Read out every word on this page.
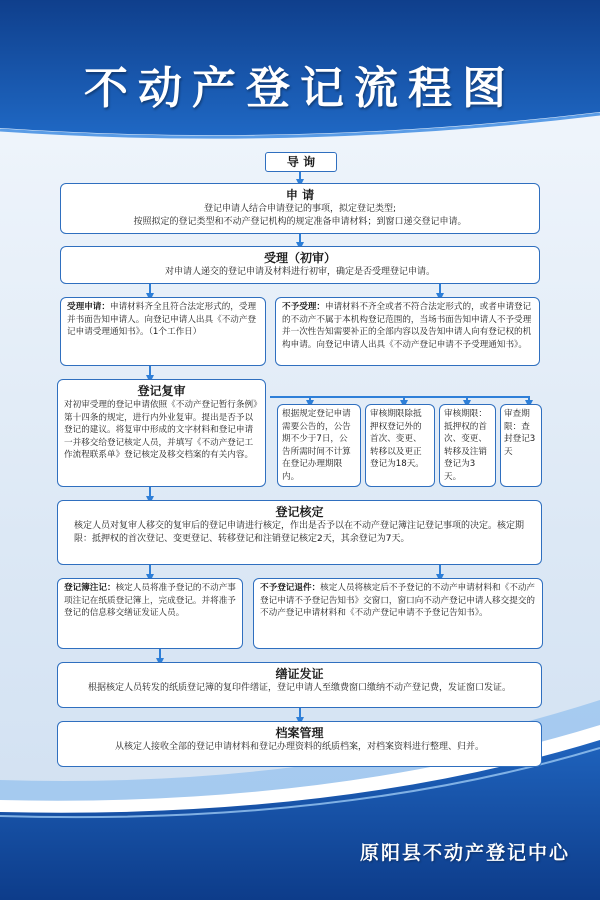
不动产登记流程图
导 询
申 请
登记申请人结合申请登记的事项，拟定登记类型;
按照拟定的登记类型和不动产登记机构的规定准备申请材料；到窗口递交登记申请。
受理（初审）
对申请人递交的登记申请及材料进行初审，确定是否受理登记申请。
受理申请：申请材料齐全且符合法定形式的，受理并书面告知申请人。向登记申请人出具《不动产登记申请受理通知书》。（1个工作日）
不予受理：申请材料不齐全或者不符合法定形式的，或者申请登记的不动产不属于本机构登记范围的，当场书面告知申请人不予受理并一次性告知需要补正的全部内容以及告知申请人向有登记权的机构申请。向登记申请人出具《不动产登记申请不予受理通知书》。
登记复审
对初审受理的登记申请依照《不动产登记暂行条例》第十四条的规定，进行内外业复审。提出是否予以登记的建议。将复审中形成的文字材料和登记申请一并移交给登记核定人员，并填写《不动产登记工作流程联系单》登记核定及移交档案的有关内容。
根据规定登记申请需要公告的，公告期不少于7日，公告所需时间不计算在登记办理期限内。
审核期限除抵押权登记外的首次、变更、转移以及更正登记为18天。
审核期限：抵押权的首次、变更、转移及注销登记为3天。
审查期限：查封登记3天
登记核定
核定人员对复审人移交的复审后的登记申请进行核定，作出是否予以在不动产登记簿注记登记事项的决定。核定期限：抵押权的首次登记、变更登记、转移登记和注销登记核定2天，其余登记为7天。
登记簿注记：核定人员将准予登记的不动产事项注记在纸质登记簿上，完成登记。并将准予登记的信息移交缮证发证人员。
不予登记退件：核定人员将核定后不予登记的不动产申请材料和《不动产登记申请不予登记告知书》交窗口，窗口向不动产登记申请人移交提交的不动产登记申请材料和《不动产登记申请不予登记告知书》。
缮证发证
根据核定人员转发的纸质登记簿的复印件缮证，登记申请人至缴费窗口缴纳不动产登记费，发证窗口发证。
档案管理
从核定人接收全部的登记申请材料和登记办理资料的纸质档案，对档案资料进行整理、归并。
原阳县不动产登记中心
